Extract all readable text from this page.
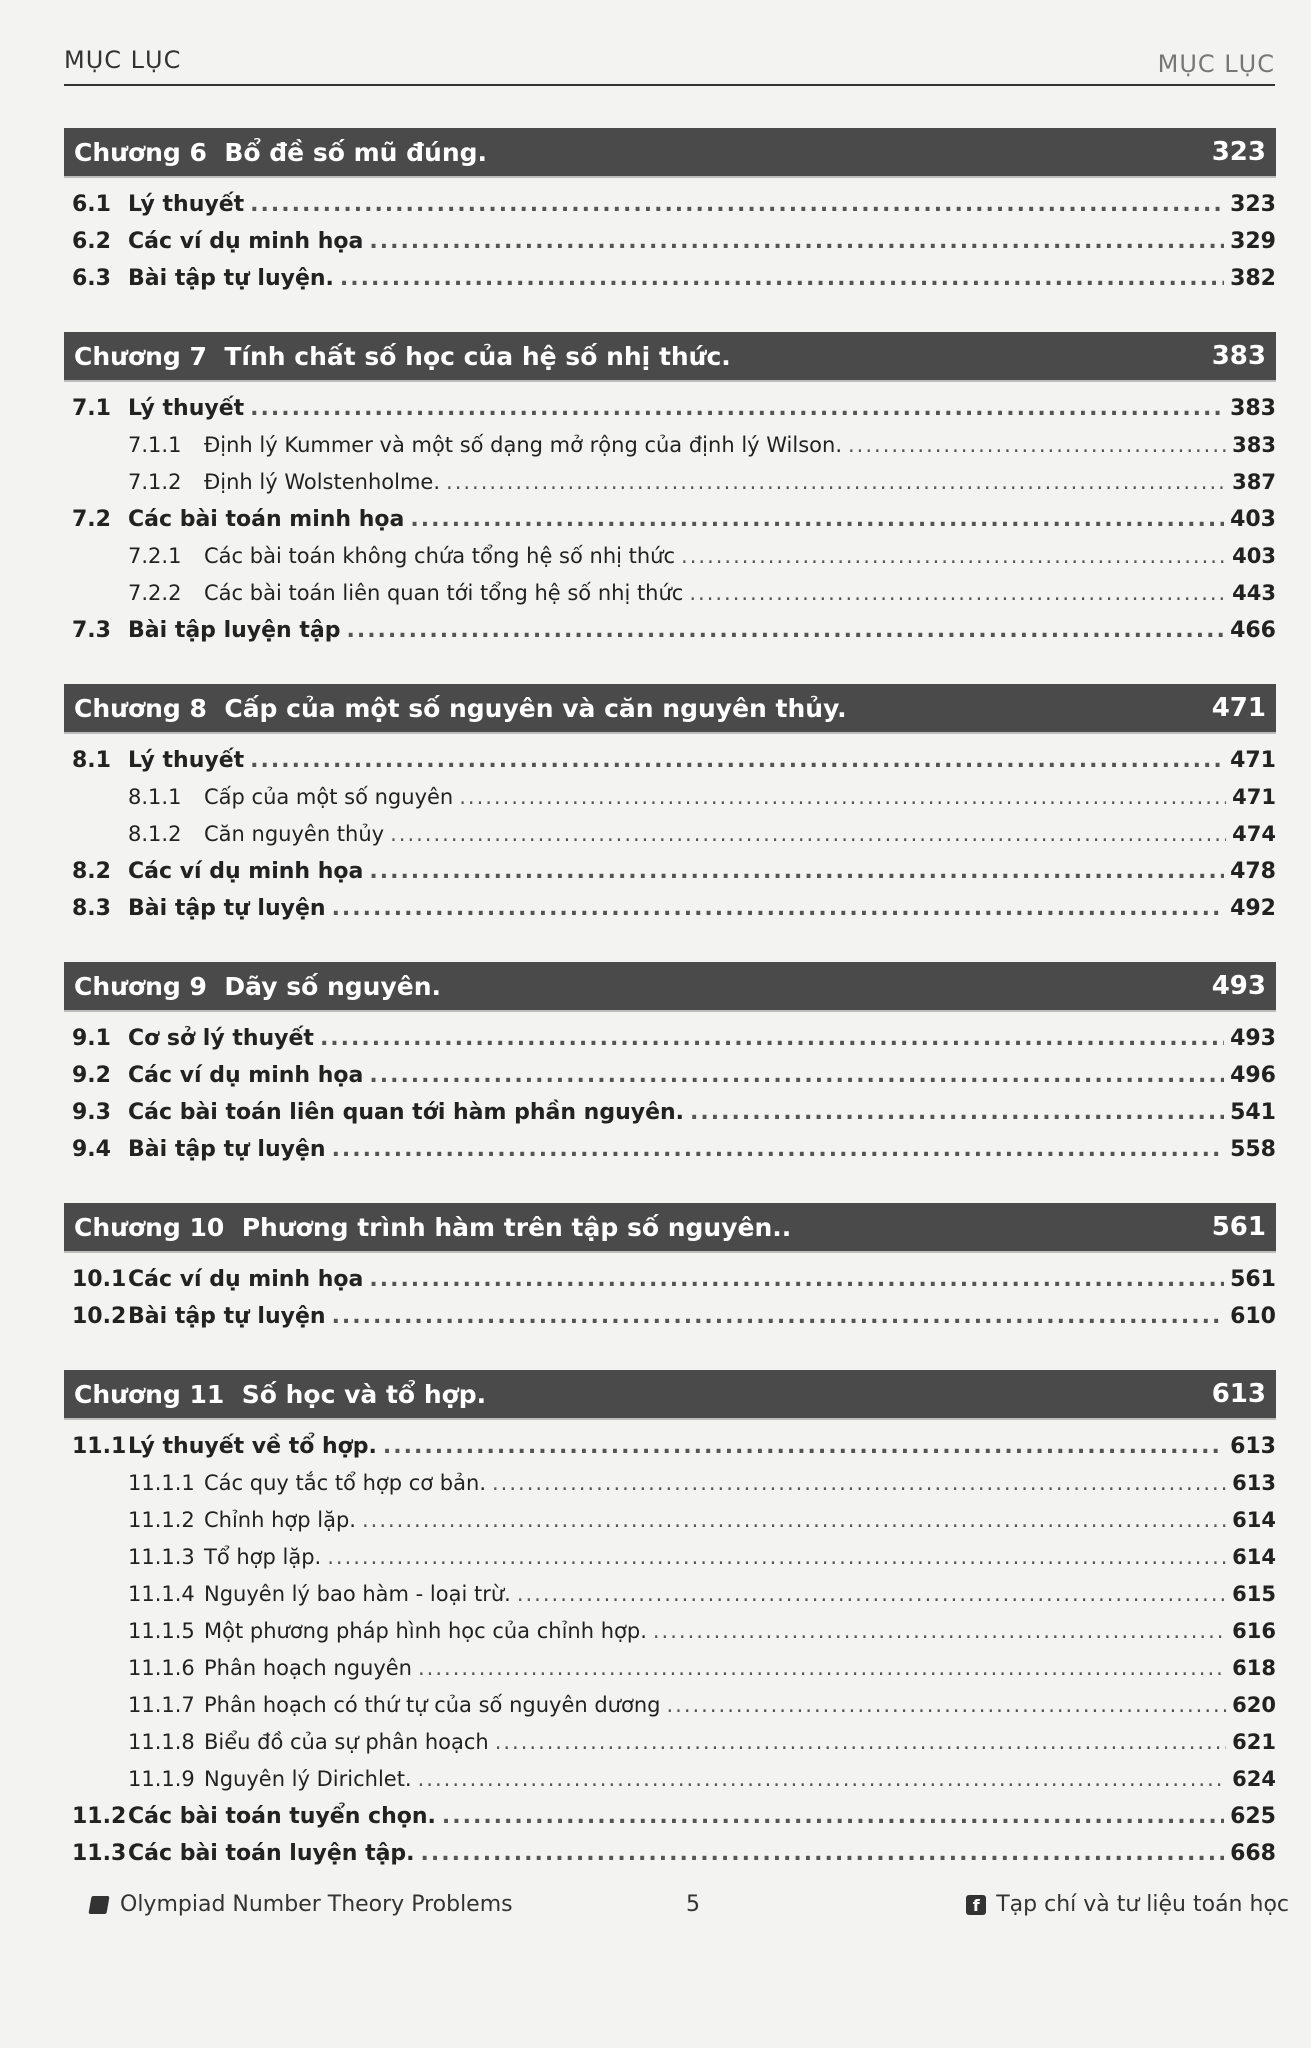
MỤC LỤC	MỤC LỤC
Chương 6 Bổ đề số mũ đúng.	323
6.1 Lý thuyết .....	323
6.2 Các ví dụ minh họa .....	329
6.3 Bài tập tự luyện. .....	382
Chương 7 Tính chất số học của hệ số nhị thức.	383
7.1 Lý thuyết .....	383
7.1.1	Định lý Kummer và một số dạng mở rộng của định lý Wilson. .....	383
7.1.2	Định lý Wolstenholme. .....	387
7.2 Các bài toán minh họa .....	403
7.2.1	Các bài toán không chứa tổng hệ số nhị thức .....	403
7.2.2	Các bài toán liên quan tới tổng hệ số nhị thức .....	443
7.3 Bài tập luyện tập .....	466
Chương 8 Cấp của một số nguyên và căn nguyên thủy.	471
8.1 Lý thuyết .....	471
8.1.1	Cấp của một số nguyên .....	471
8.1.2	Căn nguyên thủy .....	474
8.2 Các ví dụ minh họa .....	478
8.3 Bài tập tự luyện .....	492
Chương 9 Dãy số nguyên.	493
9.1 Cơ sở lý thuyết .....	493
9.2 Các ví dụ minh họa .....	496
9.3 Các bài toán liên quan tới hàm phần nguyên. .....	541
9.4 Bài tập tự luyện .....	558
Chương 10 Phương trình hàm trên tập số nguyên..	561
10.1 Các ví dụ minh họa .....	561
10.2 Bài tập tự luyện .....	610
Chương 11 Số học và tổ hợp.	613
11.1 Lý thuyết về tổ hợp. .....	613
11.1.1 Các quy tắc tổ hợp cơ bản. .....	613
11.1.2 Chỉnh hợp lặp. .....	614
11.1.3 Tổ hợp lặp. .....	614
11.1.4 Nguyên lý bao hàm - loại trừ. .....	615
11.1.5 Một phương pháp hình học của chỉnh hợp. .....	616
11.1.6 Phân hoạch nguyên .....	618
11.1.7 Phân hoạch có thứ tự của số nguyên dương .....	620
11.1.8 Biểu đồ của sự phân hoạch .....	621
11.1.9 Nguyên lý Dirichlet. .....	624
11.2 Các bài toán tuyển chọn. .....	625
11.3 Các bài toán luyện tập. .....	668
Olympiad Number Theory Problems	5	f Tạp chí và tư liệu toán học
